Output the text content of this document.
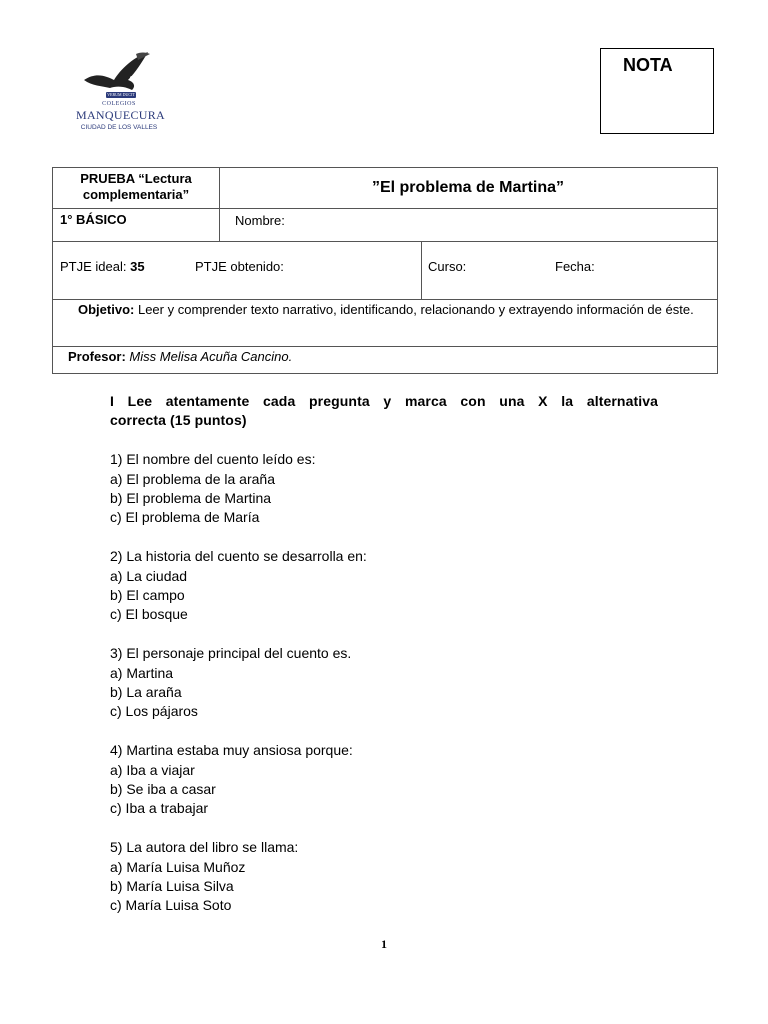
VERUM DUCIT
COLEGIOS
MANQUECURA
CIUDAD DE LOS VALLES
NOTA
PRUEBA “Lectura
complementaria”	”El problema de Martina”
1° BÁSICO	Nombre:
PTJE ideal: 35	PTJE obtenido:	Curso:	Fecha:
Objetivo: Leer y comprender texto narrativo, identificando, relacionando y extrayendo información de éste.
Profesor: Miss Melisa Acuña Cancino.

I Lee atentamente cada pregunta y marca con una X la alternativa

correcta (15 puntos)

1) El nombre del cuento leído es:

a) El problema de la araña

b) El problema de Martina

c) El problema de María

2) La historia del cuento se desarrolla en:

a) La ciudad

b) El campo

c) El bosque

3) El personaje principal del cuento es.

a) Martina

b) La araña

c) Los pájaros

4) Martina estaba muy ansiosa porque:

a) Iba a viajar

b) Se iba a casar

c) Iba a trabajar

5) La autora del libro se llama:

a) María Luisa Muñoz

b) María Luisa Silva

c) María Luisa Soto

1
